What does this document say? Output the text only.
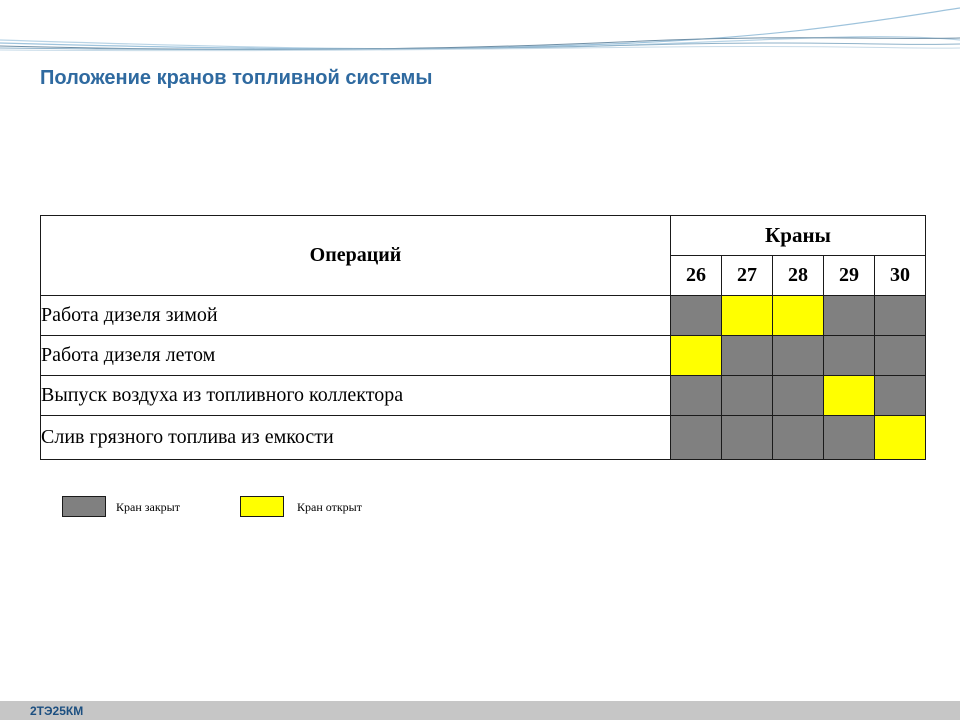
Положение кранов топливной системы
Операций	Краны				
	26	27	28	29	30
Работа дизеля зимой					
Работа дизеля летом					
Выпуск воздуха из топливного коллектора					
Слив грязного топлива из емкости					
Кран закрыт	Кран открыт
2ТЭ25КМ
